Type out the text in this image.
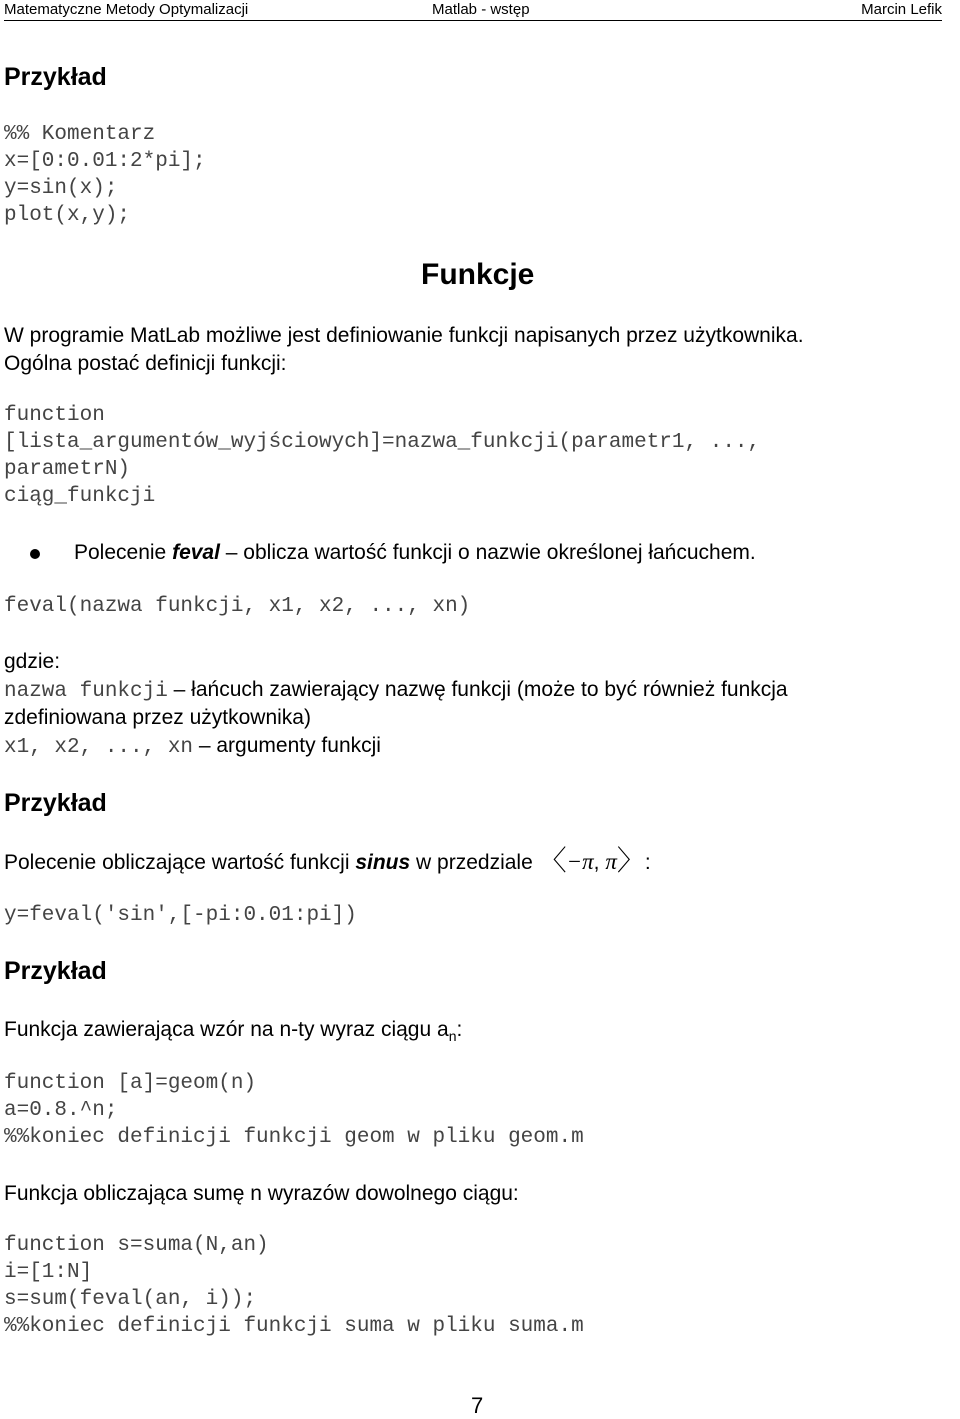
Matematyczne Metody Optymalizacji	Matlab - wstęp	Marcin Lefik
Przykład
%% Komentarz
x=[0:0.01:2*pi];
y=sin(x);
plot(x,y);
Funkcje
W programie MatLab możliwe jest definiowanie funkcji napisanych przez użytkownika.
Ogólna postać definicji funkcji:
function
[lista_argumentów_wyjściowych]=nazwa_funkcji(parametr1, ...,
parametrN)
ciąg_funkcji
Polecenie feval – oblicza wartość funkcji o nazwie określonej łańcuchem.
feval(nazwa funkcji, x1, x2, ..., xn)
gdzie:
nazwa funkcji – łańcuch zawierający nazwę funkcji (może to być również funkcja
zdefiniowana przez użytkownika)
x1, x2, ..., xn – argumenty funkcji
Przykład
Polecenie obliczające wartość funkcji sinus w przedziale 〈−π, π〉:
y=feval('sin',[-pi:0.01:pi])
Przykład
Funkcja zawierająca wzór na n-ty wyraz ciągu $a_n$:
function [a]=geom(n)
a=0.8.^n;
%%koniec definicji funkcji geom w pliku geom.m
Funkcja obliczająca sumę n wyrazów dowolnego ciągu:
function s=suma(N,an)
i=[1:N]
s=sum(feval(an, i));
%%koniec definicji funkcji suma w pliku suma.m
7
